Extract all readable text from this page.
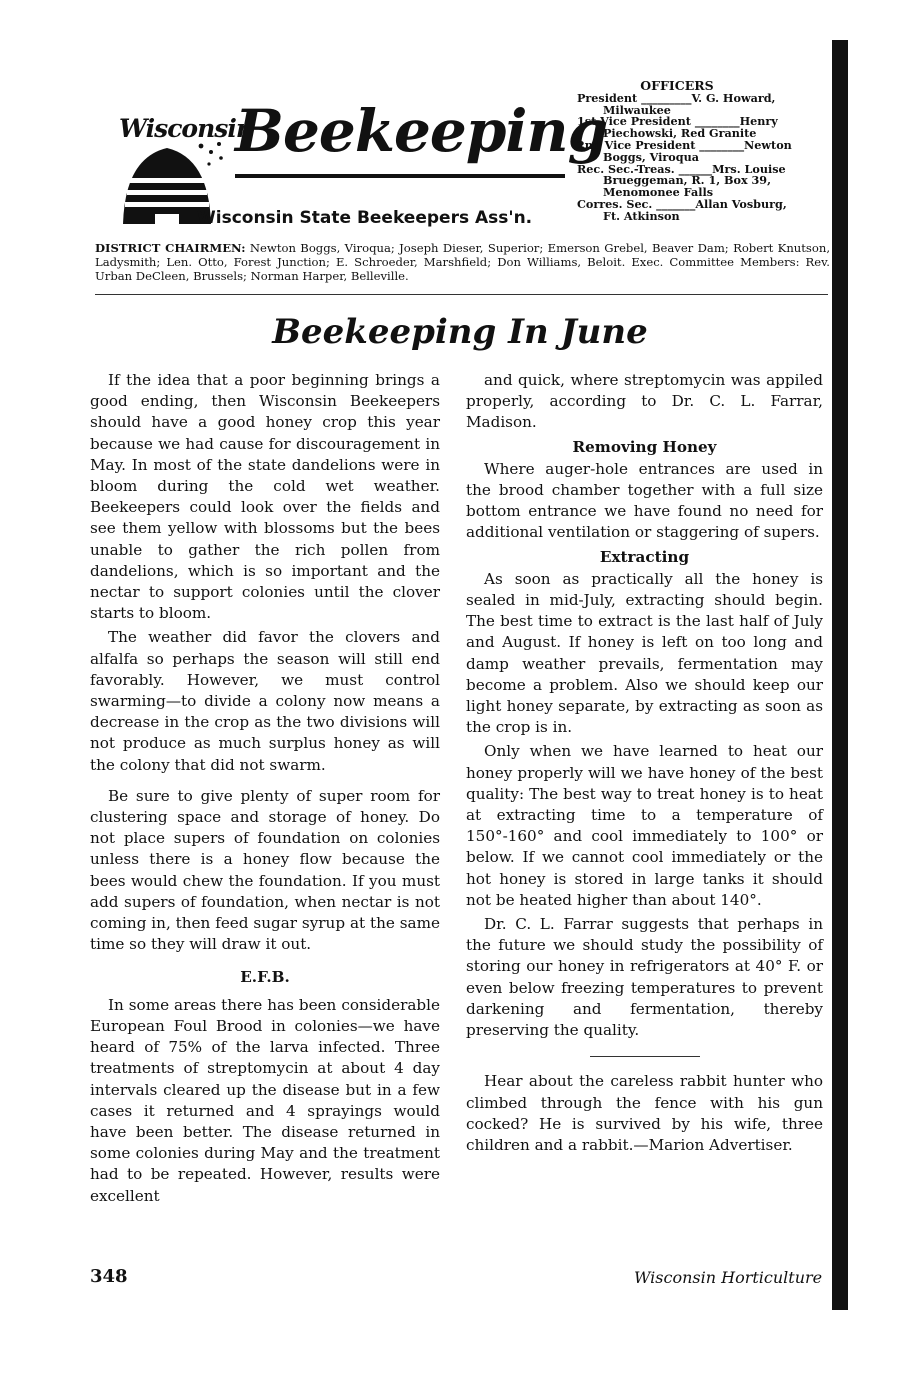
Wisconsin
Beekeeping
Wisconsin State Beekeepers Ass'n.
OFFICERS
President _________V. G. Howard,
Milwaukee
1st Vice President ________Henry
Piechowski, Red Granite
2nd Vice President ________Newton
Boggs, Viroqua
Rec. Sec.-Treas. ______Mrs. Louise
Brueggeman, R. 1, Box 39,
Menomonee Falls
Corres. Sec. _______Allan Vosburg,
Ft. Atkinson
DISTRICT CHAIRMEN: Newton Boggs, Viroqua; Joseph Dieser, Superior; Emerson Grebel, Beaver Dam; Robert Knutson, Ladysmith; Len. Otto, Forest Junction; E. Schroeder, Marshfield; Don Williams, Beloit. Exec. Committee Members: Rev. Urban DeCleen, Brussels; Norman Harper, Belleville.
Beekeeping In June

If the idea that a poor beginning brings a good ending, then Wisconsin Beekeepers should have a good honey crop this year because we had cause for discouragement in May. In most of the state dandelions were in bloom during the cold wet weather. Beekeepers could look over the fields and see them yellow with blossoms but the bees unable to gather the rich pollen from dandelions, which is so important and the nectar to support colonies until the clover starts to bloom.

The weather did favor the clovers and alfalfa so perhaps the season will still end favorably. However, we must control swarming—to divide a colony now means a decrease in the crop as the two divisions will not produce as much surplus honey as will the colony that did not swarm.

Be sure to give plenty of super room for clustering space and storage of honey. Do not place supers of foundation on colonies unless there is a honey flow because the bees would chew the foundation. If you must add supers of foundation, when nectar is not coming in, then feed sugar syrup at the same time so they will draw it out.

E.F.B.

In some areas there has been considerable European Foul Brood in colonies—we have heard of 75% of the larva infected. Three treatments of streptomycin at about 4 day intervals cleared up the disease but in a few cases it returned and 4 sprayings would have been better. The disease returned in some colonies during May and the treatment had to be repeated. However, results were excellent

and quick, where streptomycin was appiled properly, according to Dr. C. L. Farrar, Madison.

Removing Honey

Where auger-hole entrances are used in the brood chamber together with a full size bottom entrance we have found no need for additional ventilation or staggering of supers.

Extracting

As soon as practically all the honey is sealed in mid-July, extracting should begin. The best time to extract is the last half of July and August. If honey is left on too long and damp weather prevails, fermentation may become a problem. Also we should keep our light honey separate, by extracting as soon as the crop is in.

Only when we have learned to heat our honey properly will we have honey of the best quality: The best way to treat honey is to heat at extracting time to a temperature of 150°-160° and cool immediately to 100° or below. If we cannot cool immediately or the hot honey is stored in large tanks it should not be heated higher than about 140°.

Dr. C. L. Farrar suggests that perhaps in the future we should study the possibility of storing our honey in refrigerators at 40° F. or even below freezing temperatures to prevent darkening and fermentation, thereby preserving the quality.

Hear about the careless rabbit hunter who climbed through the fence with his gun cocked? He is survived by his wife, three children and a rabbit.—Marion Advertiser.

348	Wisconsin Horticulture
